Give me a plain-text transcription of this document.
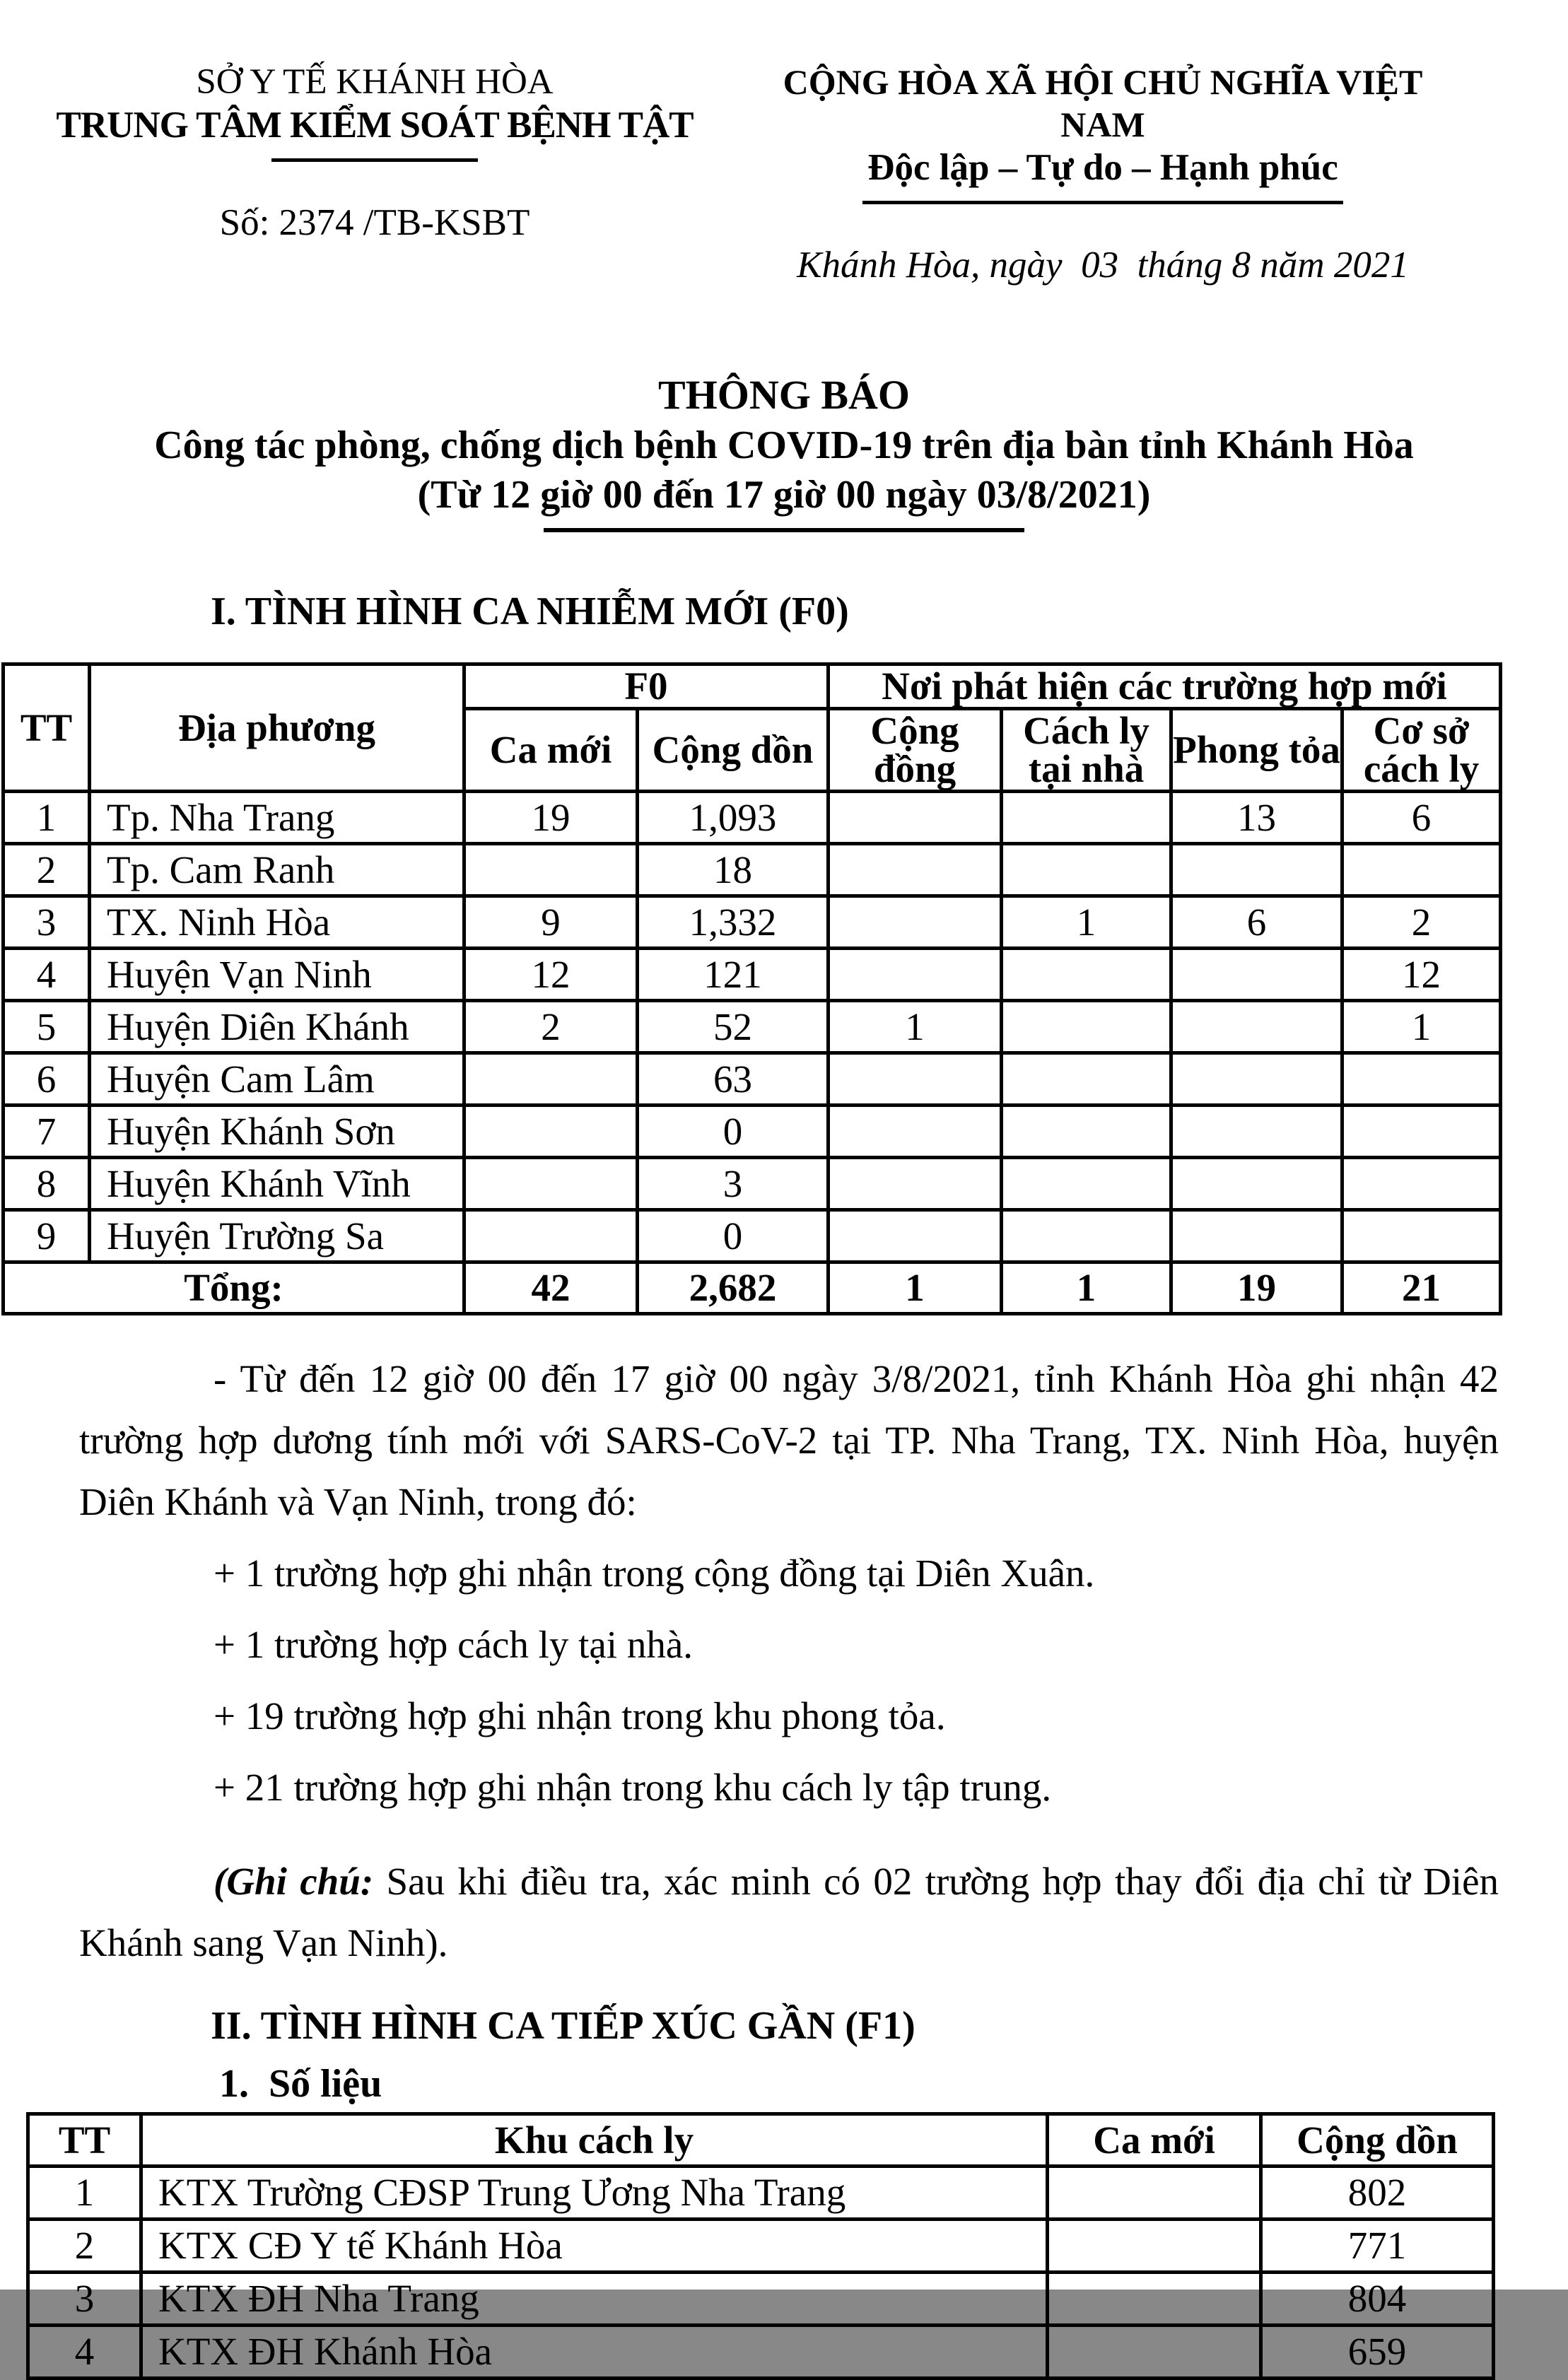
SỞ Y TẾ KHÁNH HÒA
TRUNG TÂM KIỂM SOÁT BỆNH TẬT
Số: 2374 /TB-KSBT
CỘNG HÒA XÃ HỘI CHỦ NGHĨA VIỆT NAM
Độc lập – Tự do – Hạnh phúc
Khánh Hòa, ngày  03  tháng 8 năm 2021
THÔNG BÁO
Công tác phòng, chống dịch bệnh COVID-19 trên địa bàn tỉnh Khánh Hòa
(Từ 12 giờ 00 đến 17 giờ 00 ngày 03/8/2021)
I. TÌNH HÌNH CA NHIỄM MỚI (F0)
TT	Địa phương	F0		Nơi phát hiện các trường hợp mới			
		Ca mới	Cộng dồn	Cộng đồng	Cách ly tại nhà	Phong tỏa	Cơ sở cách ly
1	Tp. Nha Trang	19	1,093			13	6
2	Tp. Cam Ranh		18				
3	TX. Ninh Hòa	9	1,332		1	6	2
4	Huyện Vạn Ninh	12	121				12
5	Huyện Diên Khánh	2	52	1			1
6	Huyện Cam Lâm		63				
7	Huyện Khánh Sơn		0				
8	Huyện Khánh Vĩnh		3				
9	Huyện Trường Sa		0				
Tổng:		42	2,682	1	1	19	21

- Từ đến 12 giờ 00 đến 17 giờ 00 ngày 3/8/2021, tỉnh Khánh Hòa ghi nhận 42 trường hợp dương tính mới với SARS-CoV-2 tại TP. Nha Trang, TX. Ninh Hòa, huyện Diên Khánh và Vạn Ninh, trong đó:

+ 1 trường hợp ghi nhận trong cộng đồng tại Diên Xuân.

+ 1 trường hợp cách ly tại nhà.

+ 19 trường hợp ghi nhận trong khu phong tỏa.

+ 21 trường hợp ghi nhận trong khu cách ly tập trung.

(Ghi chú: Sau khi điều tra, xác minh có 02 trường hợp thay đổi địa chỉ từ Diên Khánh sang Vạn Ninh).

II. TÌNH HÌNH CA TIẾP XÚC GẦN (F1)
1.  Số liệu
TT	Khu cách ly	Ca mới	Cộng dồn
1	KTX Trường CĐSP Trung Ương Nha Trang		802
2	KTX CĐ Y tế Khánh Hòa		771
3	KTX ĐH Nha Trang		804
4	KTX ĐH Khánh Hòa		659
